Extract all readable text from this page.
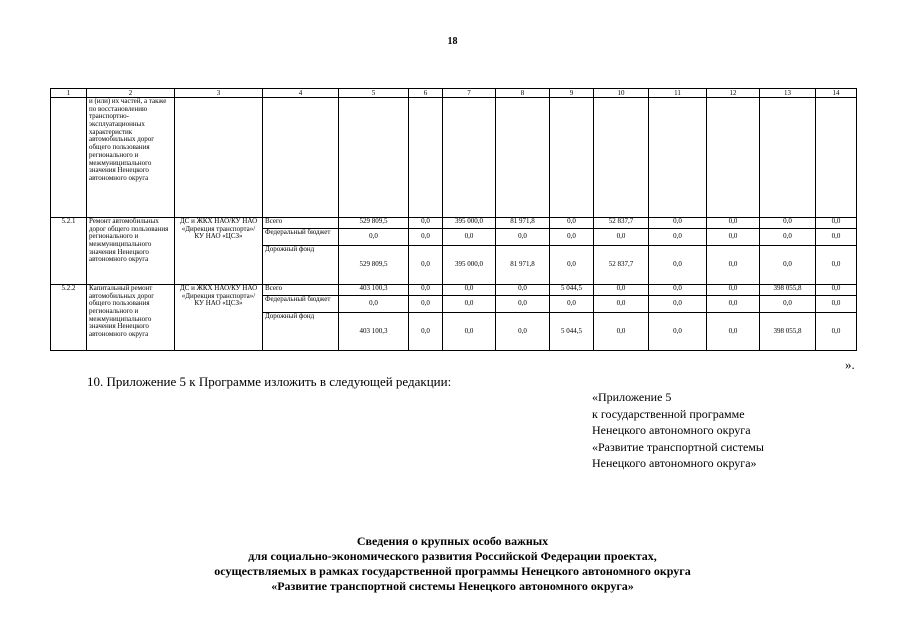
18
1	2	3	4	5	6	7	8	9	10	11	12	13	14
	и (или) их частей, а также по восстановлению транспортно-эксплуатационных характеристик автомобильных дорог общего пользования регионального и межмуниципального значения Ненецкого автономного округа												
5.2.1	Ремонт автомобильных дорог общего пользования регионального и межмуниципального значения Ненецкого автономного округа	ДС и ЖКХ НАО/КУ НАО «Дирекция транспорта»/ КУ НАО «ЦСЗ»	Всего	529 809,5	0,0	395 000,0	81 971,8	0,0	52 837,7	0,0	0,0	0,0	0,0
			Федеральный бюджет	0,0	0,0	0,0	0,0	0,0	0,0	0,0	0,0	0,0	0,0
			Дорожный фонд	529 809,5	0,0	395 000,0	81 971,8	0,0	52 837,7	0,0	0,0	0,0	0,0
5.2.2	Капитальный ремонт автомобильных дорог общего пользования регионального и межмуниципального значения Ненецкого автономного округа	ДС и ЖКХ НАО/КУ НАО «Дирекция транспорта»/ КУ НАО «ЦСЗ»	Всего	403 100,3	0,0	0,0	0,0	5 044,5	0,0	0,0	0,0	398 055,8	0,0
			Федеральный бюджет	0,0	0,0	0,0	0,0	0,0	0,0	0,0	0,0	0,0	0,0
			Дорожный фонд	403 100,3	0,0	0,0	0,0	5 044,5	0,0	0,0	0,0	398 055,8	0,0
».
10. Приложение 5 к Программе изложить в следующей редакции:
«Приложение 5
к государственной программе
Ненецкого автономного округа
«Развитие транспортной системы
Ненецкого автономного округа»
Сведения о крупных особо важных
для социально-экономического развития Российской Федерации проектах,
осуществляемых в рамках государственной программы Ненецкого автономного округа
«Развитие транспортной системы Ненецкого автономного округа»
